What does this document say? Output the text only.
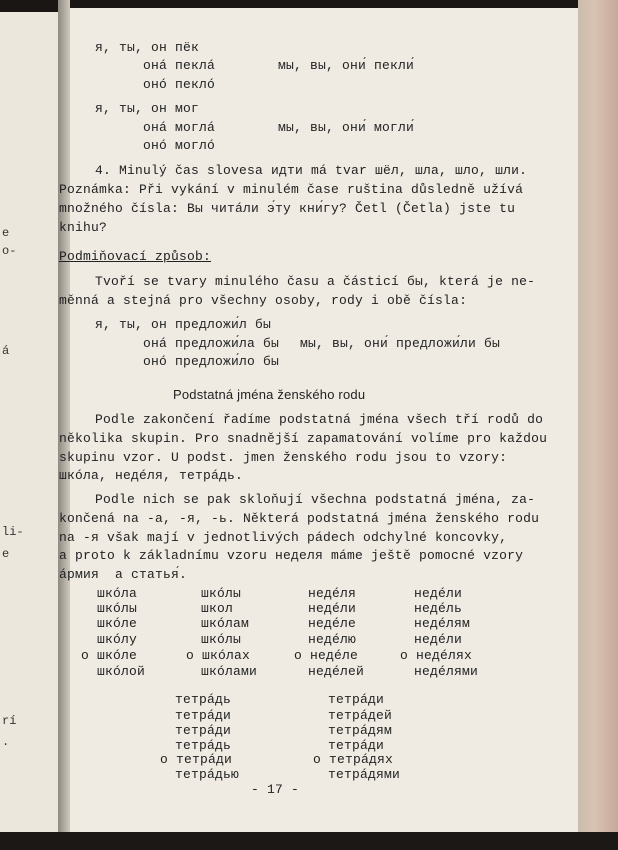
e
o-
á
li-
e
rí
.
я, ты, он пёк
онá пеклá	мы, вы, они́ пекли́
онó пеклó
я, ты, он мог
онá моглá	мы, вы, они́ могли́
онó моглó
4. Minulý čas slovesa идти má tvar шёл, шла, шло, шли.
Poznámka: Při vykání v minulém čase ruština důsledně užívá
množného čísla: Вы читáли э́ту кни́гу? Četl (Četla) jste tu
knihu?
Podmiňovací způsob:
Tvoří se tvary minulého času a částicí бы, která je ne-
měnná a stejná pro všechny osoby, rody i obě čísla:
я, ты, он предложи́л бы
онá предложи́ла бы мы, вы, они́ предложи́ли бы
онó предложи́ло бы
Podstatná jména ženského rodu
Podle zakončení řadíme podstatná jména všech tří rodů do
několika skupin. Pro snadnější zapamatování volíme pro každou
skupinu vzor. U podst. jmen ženského rodu jsou to vzory:
шкóла, недéля, тетрáдь.
Podle nich se pak skloňují všechna podstatná jména, za-
končená na -а, -я, -ь. Některá podstatná jména ženského rodu
na -я však mají v jednotlivých pádech odchylné koncovky,
a proto k základnímu vzoru неделя máme ještě pomocné vzory
áрмия  a статья́.
шкóла
шкóлы
шкóле
шкóлу
о шкóле
шкóлой
шкóлы
школ
шкóлам
шкóлы
о шкóлах
шкóлами
недéля
недéли
недéле
недéлю
о недéле
недéлей
недéли
недéль
недéлям
недéли
о недéлях
недéлями
тетрáдь
тетрáди
тетрáди
тетрáдь
о тетрáди
тетрáдью
тетрáди
тетрáдей
тетрáдям
тетрáди
о тетрáдях
тетрáдями
- 17 -
